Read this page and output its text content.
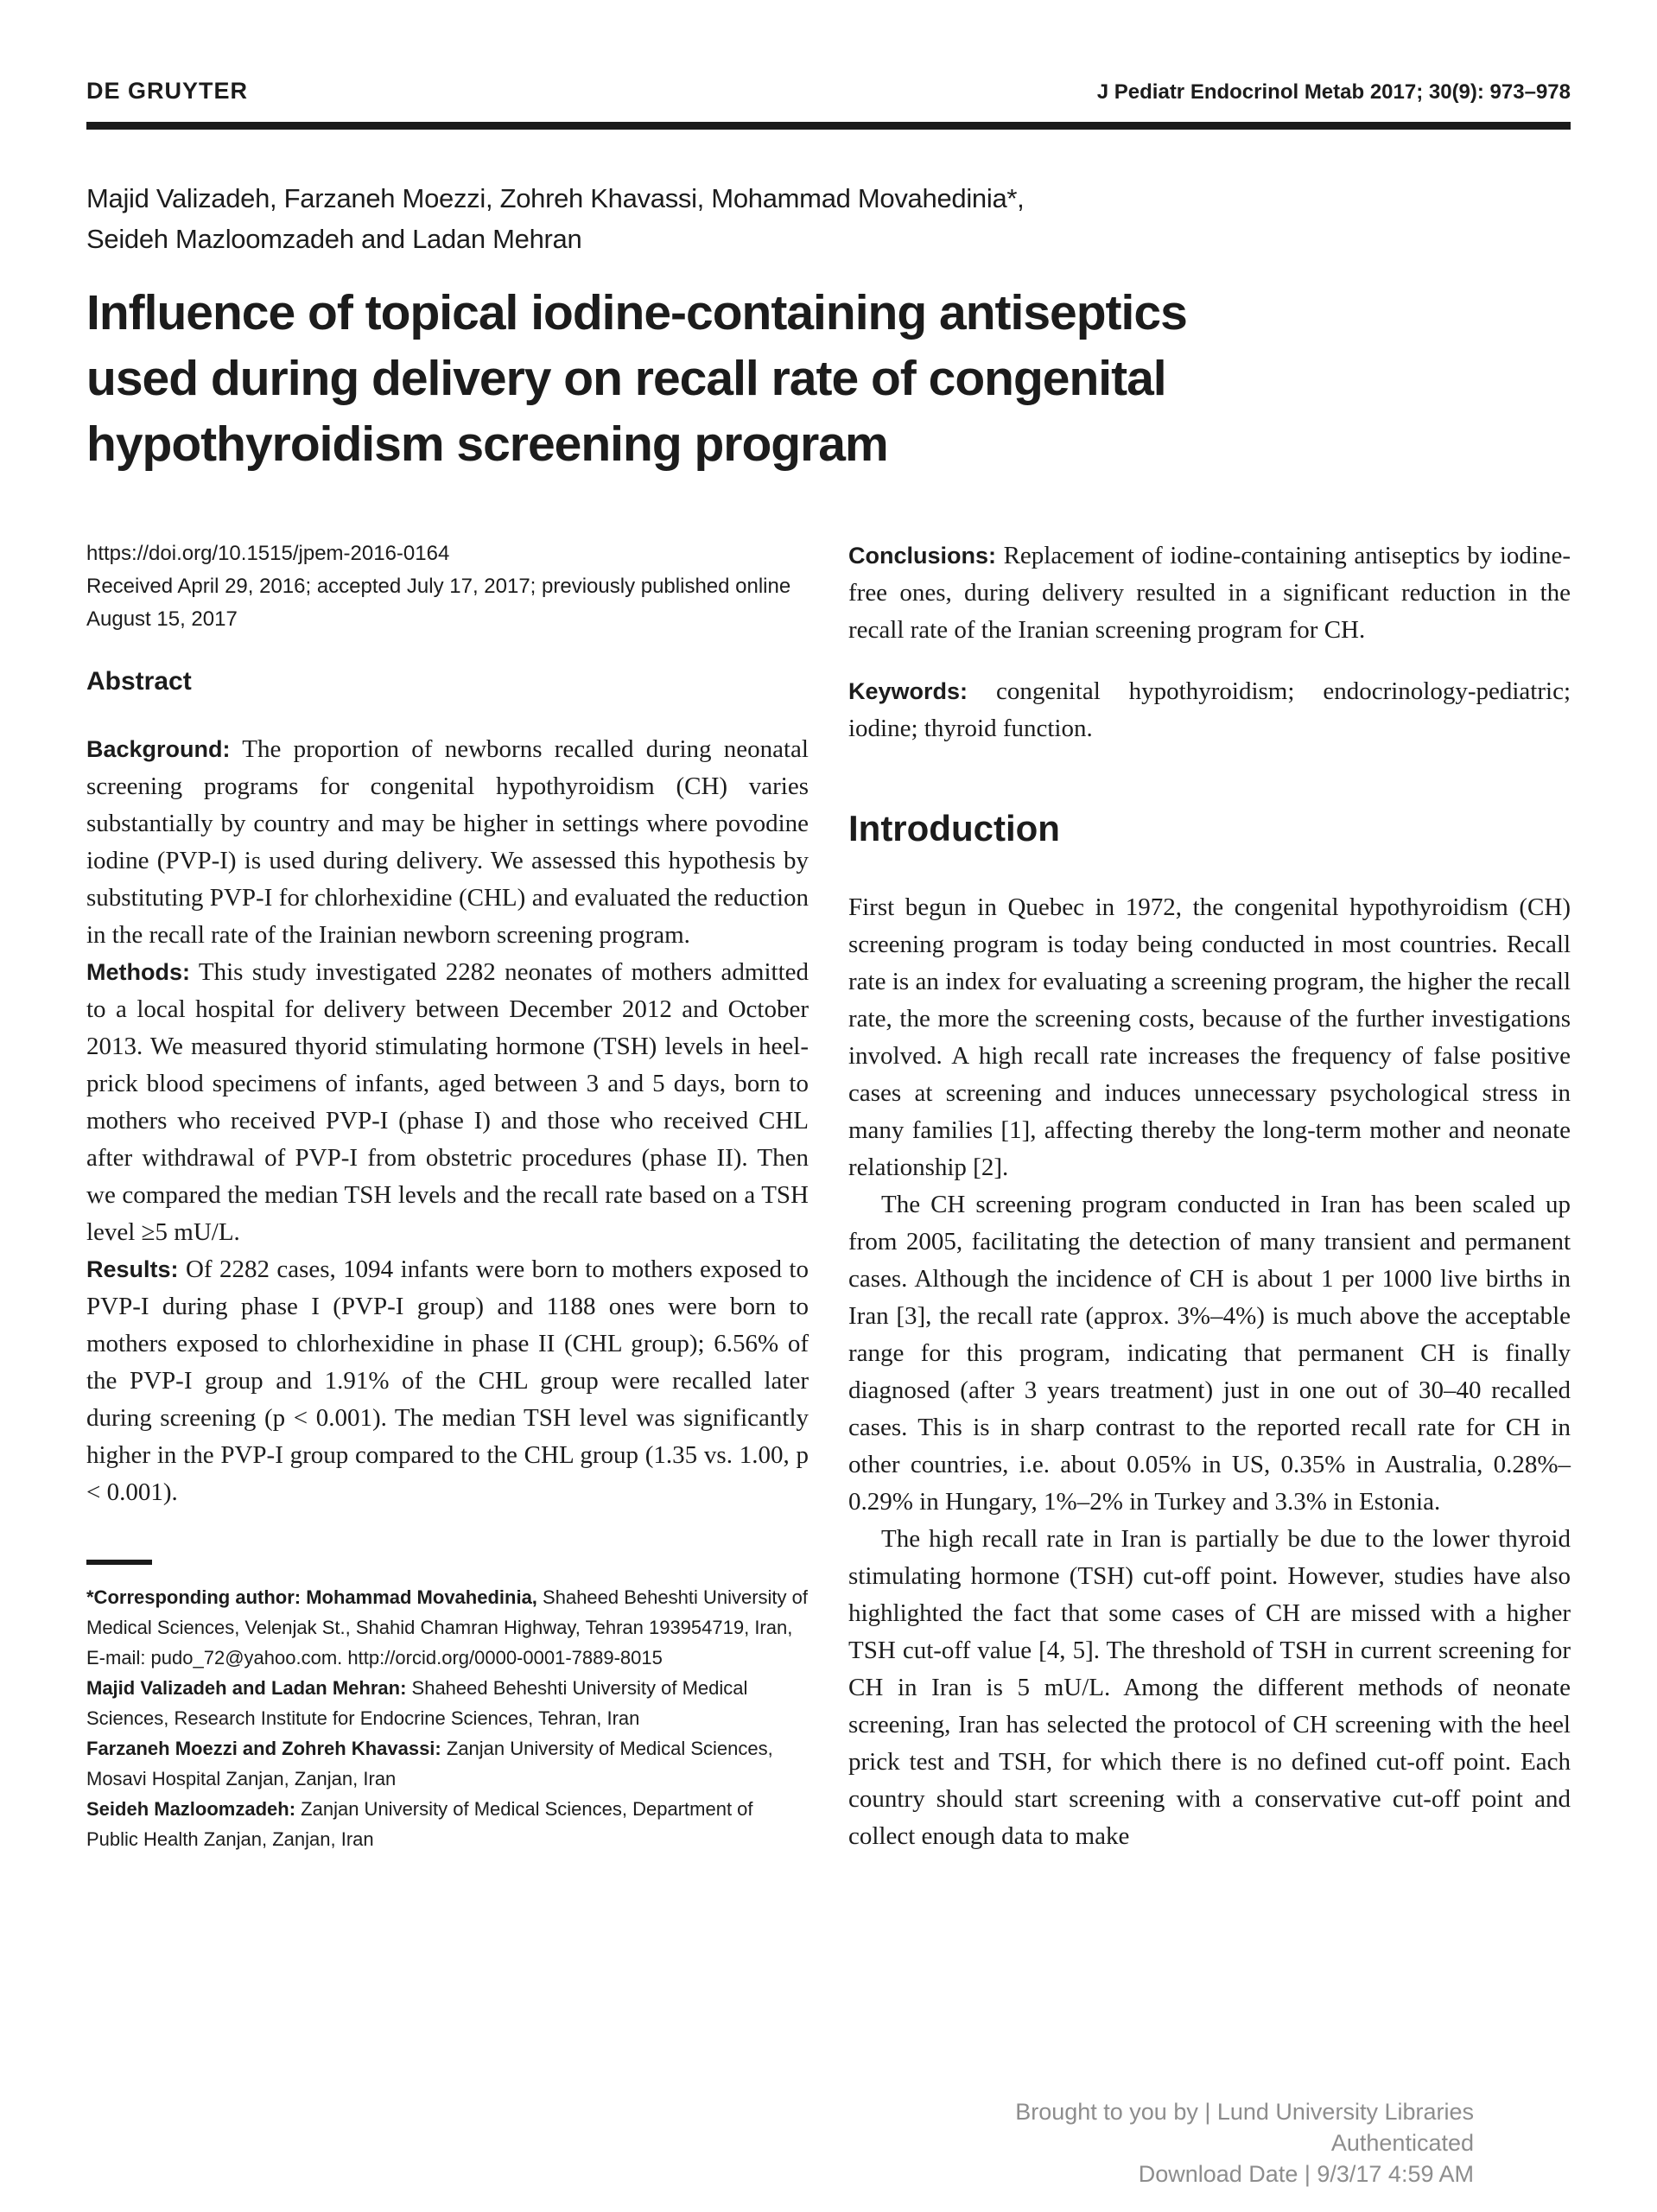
DE GRUYTER	J Pediatr Endocrinol Metab 2017; 30(9): 973–978
Majid Valizadeh, Farzaneh Moezzi, Zohreh Khavassi, Mohammad Movahedinia*,
Seideh Mazloomzadeh and Ladan Mehran
Influence of topical iodine-containing antiseptics
used during delivery on recall rate of congenital
hypothyroidism screening program
https://doi.org/10.1515/jpem-2016-0164
Received April 29, 2016; accepted July 17, 2017; previously published online August 15, 2017
Abstract

Background: The proportion of newborns recalled during neonatal screening programs for congenital hypothyroidism (CH) varies substantially by country and may be higher in settings where povodine iodine (PVP-I) is used during delivery. We assessed this hypothesis by substituting PVP-I for chlorhexidine (CHL) and evaluated the reduction in the recall rate of the Irainian newborn screening program.

Methods: This study investigated 2282 neonates of mothers admitted to a local hospital for delivery between December 2012 and October 2013. We measured thyorid stimulating hormone (TSH) levels in heel-prick blood specimens of infants, aged between 3 and 5 days, born to mothers who received PVP-I (phase I) and those who received CHL after withdrawal of PVP-I from obstetric procedures (phase II). Then we compared the median TSH levels and the recall rate based on a TSH level ≥5 mU/L.

Results: Of 2282 cases, 1094 infants were born to mothers exposed to PVP-I during phase I (PVP-I group) and 1188 ones were born to mothers exposed to chlorhexidine in phase II (CHL group); 6.56% of the PVP-I group and 1.91% of the CHL group were recalled later during screening (p < 0.001). The median TSH level was significantly higher in the PVP-I group compared to the CHL group (1.35 vs. 1.00, p < 0.001).

*Corresponding author: Mohammad Movahedinia, Shaheed Beheshti University of Medical Sciences, Velenjak St., Shahid Chamran Highway, Tehran 193954719, Iran, E-mail: pudo_72@yahoo.com. http://orcid.org/0000-0001-7889-8015

Majid Valizadeh and Ladan Mehran: Shaheed Beheshti University of Medical Sciences, Research Institute for Endocrine Sciences, Tehran, Iran

Farzaneh Moezzi and Zohreh Khavassi: Zanjan University of Medical Sciences, Mosavi Hospital Zanjan, Zanjan, Iran

Seideh Mazloomzadeh: Zanjan University of Medical Sciences, Department of Public Health Zanjan, Zanjan, Iran

Conclusions: Replacement of iodine-containing antiseptics by iodine-free ones, during delivery resulted in a significant reduction in the recall rate of the Iranian screening program for CH.

Keywords: congenital hypothyroidism; endocrinology-pediatric; iodine; thyroid function.

Introduction

First begun in Quebec in 1972, the congenital hypothyroidism (CH) screening program is today being conducted in most countries. Recall rate is an index for evaluating a screening program, the higher the recall rate, the more the screening costs, because of the further investigations involved. A high recall rate increases the frequency of false positive cases at screening and induces unnecessary psychological stress in many families [1], affecting thereby the long-term mother and neonate relationship [2].

The CH screening program conducted in Iran has been scaled up from 2005, facilitating the detection of many transient and permanent cases. Although the incidence of CH is about 1 per 1000 live births in Iran [3], the recall rate (approx. 3%–4%) is much above the acceptable range for this program, indicating that permanent CH is finally diagnosed (after 3 years treatment) just in one out of 30–40 recalled cases. This is in sharp contrast to the reported recall rate for CH in other countries, i.e. about 0.05% in US, 0.35% in Australia, 0.28%–0.29% in Hungary, 1%–2% in Turkey and 3.3% in Estonia.

The high recall rate in Iran is partially be due to the lower thyroid stimulating hormone (TSH) cut-off point. However, studies have also highlighted the fact that some cases of CH are missed with a higher TSH cut-off value [4, 5]. The threshold of TSH in current screening for CH in Iran is 5 mU/L. Among the different methods of neonate screening, Iran has selected the protocol of CH screening with the heel prick test and TSH, for which there is no defined cut-off point. Each country should start screening with a conservative cut-off point and collect enough data to make

Brought to you by | Lund University Libraries
Authenticated
Download Date | 9/3/17 4:59 AM
